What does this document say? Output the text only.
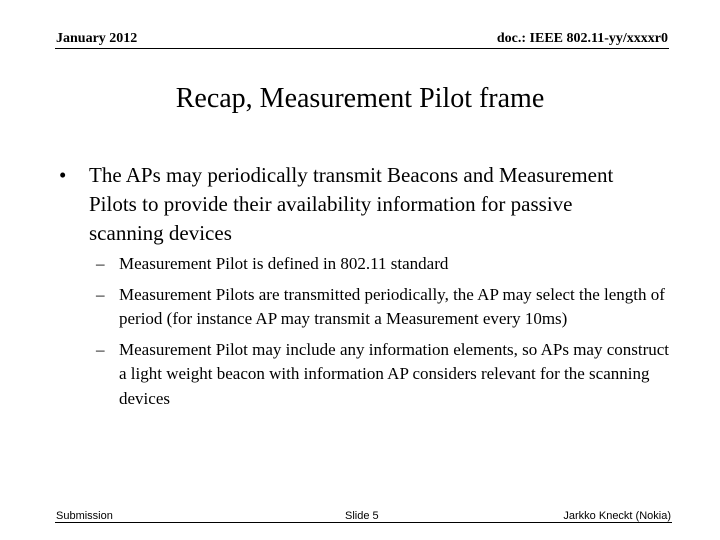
January 2012	doc.: IEEE 802.11-yy/xxxxr0
Recap, Measurement Pilot frame
• The APs may periodically transmit Beacons and Measurement Pilots to provide their availability information for passive scanning devices
– Measurement Pilot is defined in 802.11 standard
– Measurement Pilots are transmitted periodically, the AP may select the length of period (for instance AP may transmit a Measurement every 10ms)
– Measurement Pilot may include any information elements, so APs may construct a light weight beacon with information AP considers relevant for the scanning devices
Submission	Slide 5	Jarkko Kneckt (Nokia)
